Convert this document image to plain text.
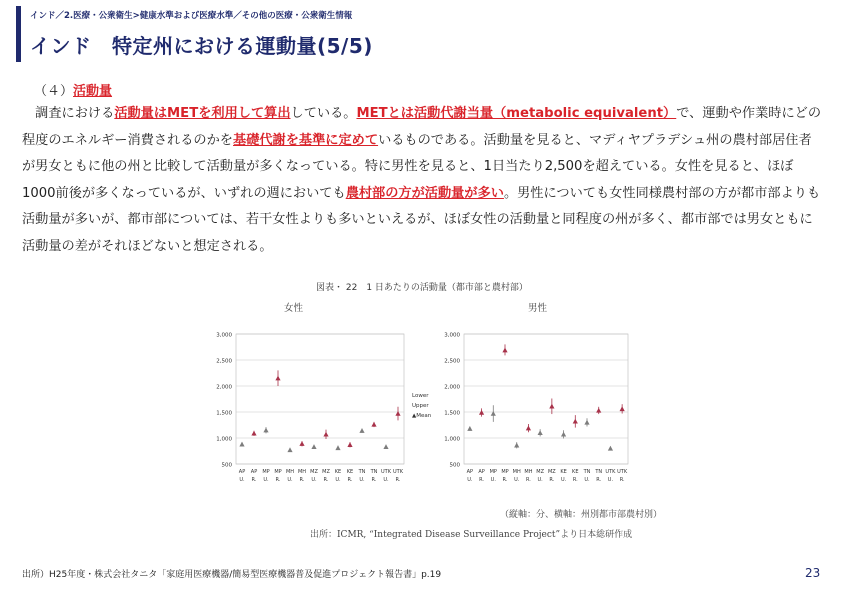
インド／2.医療・公衆衛生>健康水準および医療水準／その他の医療・公衆衛生情報
インド　特定州における運動量(5/5)
（４）活動量
　調査における活動量はMETを利用して算出している。METとは活動代謝当量（metabolic equivalent）で、運動や作業時にどの程度のエネルギー消費されるのかを基礎代謝を基準に定めているものである。活動量を見ると、マディヤプラデシュ州の農村部居住者が男女ともに他の州と比較して活動量が多くなっている。特に男性を見ると、1日当たり2,500を超えている。女性を見ると、ほぼ1000前後が多くなっているが、いずれの週においても農村部の方が活動量が多い。男性についても女性同様農村部の方が都市部よりも活動量が多いが、都市部については、若干女性よりも多いといえるが、ほぼ女性の活動量と同程度の州が多く、都市部では男女ともに活動量の差がそれほどないと想定される。
500
1,000
1,500
2,000
2,500
3,000
AP
U.
AP
R.
MP
U.
MP
R.
MH
U.
MH
R.
MZ
U.
MZ
R.
KE
U.
KE
R.
TN
U.
TN
R.
UTK
U.
UTK
R.
500
1,000
1,500
2,000
2,500
3,000
AP
U.
AP
R.
MP
U.
MP
R.
MH
U.
MH
R.
MZ
U.
MZ
R.
KE
U.
KE
R.
TN
U.
TN
R.
UTK
U.
UTK
R.
Lower
Upper
▲Mean
図表・ 22　1 日あたりの活動量（都市部と農村部）
女性	男性
（縦軸：分、横軸：州別都市部農村別）
出所：ICMR, “Integrated Disease Surveillance Project”より日本総研作成
出所）H25年度・株式会社タニタ「家庭用医療機器/簡易型医療機器普及促進プロジェクト報告書」p.19	23
